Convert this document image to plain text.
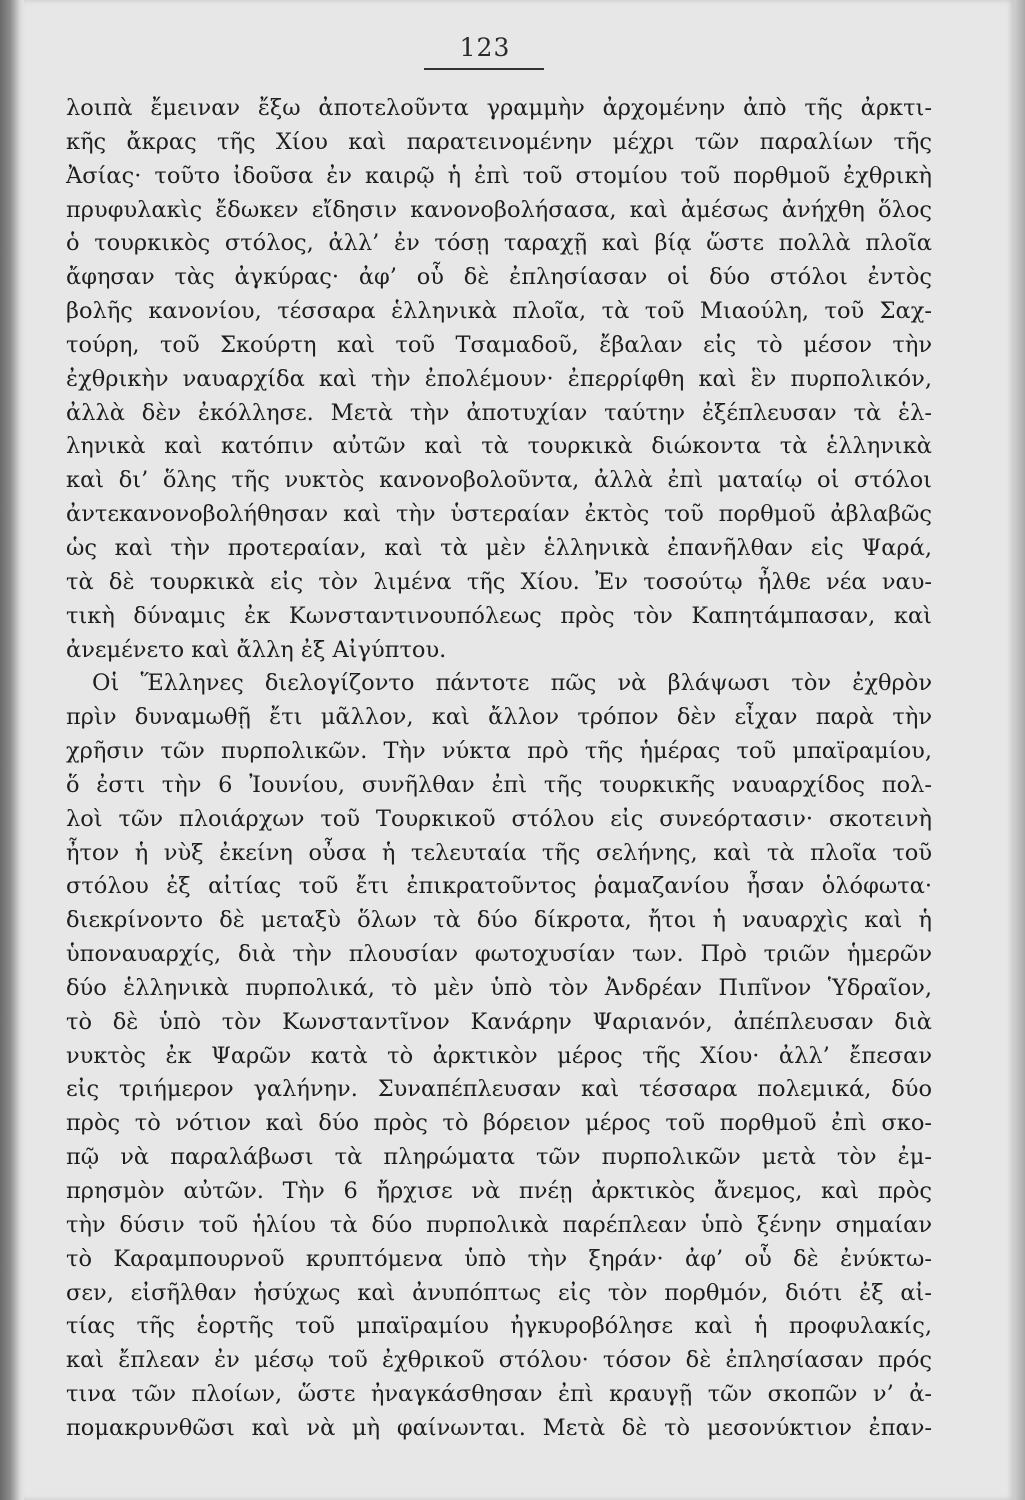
123
λοιπὰ ἔμειναν ἔξω ἀποτελοῦντα γραμμὴν ἀρχομένην ἀπὸ τῆς ἀρκτι-
κῆς ἄκρας τῆς Χίου καὶ παρατεινομένην μέχρι τῶν παραλίων τῆς
Ἀσίας· τοῦτο ἰδοῦσα ἐν καιρῷ ἡ ἐπὶ τοῦ στομίου τοῦ πορθμοῦ ἐχθρικὴ
πρυφυλακὶς ἔδωκεν εἴδησιν κανονοβολήσασα, καὶ ἀμέσως ἀνήχθη ὅλος
ὁ τουρκικὸς στόλος, ἀλλ’ ἐν τόσῃ ταραχῇ καὶ βίᾳ ὥστε πολλὰ πλοῖα
ἄφησαν τὰς ἀγκύρας· ἀφ’ οὗ δὲ ἐπλησίασαν οἱ δύο στόλοι ἐντὸς
βολῆς κανονίου, τέσσαρα ἑλληνικὰ πλοῖα, τὰ τοῦ Μιαούλη, τοῦ Σαχ-
τούρη, τοῦ Σκούρτη καὶ τοῦ Τσαμαδοῦ, ἔβαλαν εἰς τὸ μέσον τὴν
ἐχθρικὴν ναυαρχίδα καὶ τὴν ἐπολέμουν· ἐπερρίφθη καὶ ἓν πυρπολικόν,
ἀλλὰ δὲν ἐκόλλησε. Μετὰ τὴν ἀποτυχίαν ταύτην ἐξέπλευσαν τὰ ἑλ-
ληνικὰ καὶ κατόπιν αὐτῶν καὶ τὰ τουρκικὰ διώκοντα τὰ ἑλληνικὰ
καὶ δι’ ὅλης τῆς νυκτὸς κανονοβολοῦντα, ἀλλὰ ἐπὶ ματαίῳ οἱ στόλοι
ἀντεκανονοβολήθησαν καὶ τὴν ὑστεραίαν ἐκτὸς τοῦ πορθμοῦ ἀβλαβῶς
ὡς καὶ τὴν προτεραίαν, καὶ τὰ μὲν ἑλληνικὰ ἐπανῆλθαν εἰς Ψαρά,
τὰ δὲ τουρκικὰ εἰς τὸν λιμένα τῆς Χίου. Ἐν τοσούτῳ ἦλθε νέα ναυ-
τικὴ δύναμις ἐκ Κωνσταντινουπόλεως πρὸς τὸν Καπητάμπασαν, καὶ
ἀνεμένετο καὶ ἄλλη ἐξ Αἰγύπτου.
Οἱ Ἕλληνες διελογίζοντο πάντοτε πῶς νὰ βλάψωσι τὸν ἐχθρὸν
πρὶν δυναμωθῇ ἔτι μᾶλλον, καὶ ἄλλον τρόπον δὲν εἶχαν παρὰ τὴν
χρῆσιν τῶν πυρπολικῶν. Τὴν νύκτα πρὸ τῆς ἡμέρας τοῦ μπαϊραμίου,
ὅ ἐστι τὴν 6 Ἰουνίου, συνῆλθαν ἐπὶ τῆς τουρκικῆς ναυαρχίδος πολ-
λοὶ τῶν πλοιάρχων τοῦ Τουρκικοῦ στόλου εἰς συνεόρτασιν· σκοτεινὴ
ἦτον ἡ νὺξ ἐκείνη οὖσα ἡ τελευταία τῆς σελήνης, καὶ τὰ πλοῖα τοῦ
στόλου ἐξ αἰτίας τοῦ ἔτι ἐπικρατοῦντος ῥαμαζανίου ἦσαν ὁλόφωτα·
διεκρίνοντο δὲ μεταξὺ ὅλων τὰ δύο δίκροτα, ἤτοι ἡ ναυαρχὶς καὶ ἡ
ὑποναυαρχίς, διὰ τὴν πλουσίαν φωτοχυσίαν των. Πρὸ τριῶν ἡμερῶν
δύο ἑλληνικὰ πυρπολικά, τὸ μὲν ὑπὸ τὸν Ἀνδρέαν Πιπῖνον Ὑδραῖον,
τὸ δὲ ὑπὸ τὸν Κωνσταντῖνον Κανάρην Ψαριανόν, ἀπέπλευσαν διὰ
νυκτὸς ἐκ Ψαρῶν κατὰ τὸ ἀρκτικὸν μέρος τῆς Χίου· ἀλλ’ ἔπεσαν
εἰς τριήμερον γαλήνην. Συναπέπλευσαν καὶ τέσσαρα πολεμικά, δύο
πρὸς τὸ νότιον καὶ δύο πρὸς τὸ βόρειον μέρος τοῦ πορθμοῦ ἐπὶ σκο-
πῷ νὰ παραλάβωσι τὰ πληρώματα τῶν πυρπολικῶν μετὰ τὸν ἐμ-
πρησμὸν αὐτῶν. Τὴν 6 ἤρχισε νὰ πνέῃ ἀρκτικὸς ἄνεμος, καὶ πρὸς
τὴν δύσιν τοῦ ἡλίου τὰ δύο πυρπολικὰ παρέπλεαν ὑπὸ ξένην σημαίαν
τὸ Καραμπουρνοῦ κρυπτόμενα ὑπὸ τὴν ξηράν· ἀφ’ οὗ δὲ ἐνύκτω-
σεν, εἰσῆλθαν ἡσύχως καὶ ἀνυπόπτως εἰς τὸν πορθμόν, διότι ἐξ αἰ-
τίας τῆς ἑορτῆς τοῦ μπαϊραμίου ἠγκυροβόλησε καὶ ἡ προφυλακίς,
καὶ ἔπλεαν ἐν μέσῳ τοῦ ἐχθρικοῦ στόλου· τόσον δὲ ἐπλησίασαν πρός
τινα τῶν πλοίων, ὥστε ἠναγκάσθησαν ἐπὶ κραυγῇ τῶν σκοπῶν ν’ ἀ-
πομακρυνθῶσι καὶ νὰ μὴ φαίνωνται. Μετὰ δὲ τὸ μεσονύκτιον ἐπαν-
